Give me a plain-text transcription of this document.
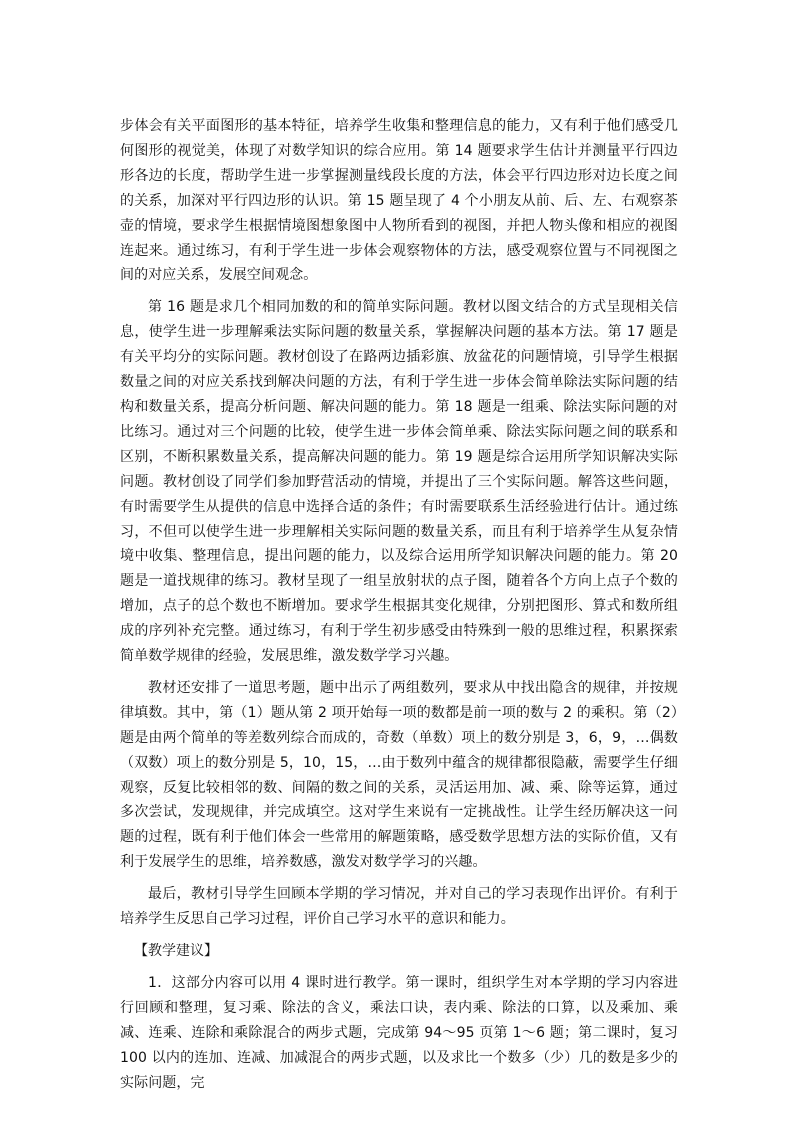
步体会有关平面图形的基本特征，培养学生收集和整理信息的能力，又有利于他们感受几何图形的视觉美，体现了对数学知识的综合应用。第 14 题要求学生估计并测量平行四边形各边的长度，帮助学生进一步掌握测量线段长度的方法，体会平行四边形对边长度之间的关系，加深对平行四边形的认识。第 15 题呈现了 4 个小朋友从前、后、左、右观察茶壶的情境，要求学生根据情境图想象图中人物所看到的视图，并把人物头像和相应的视图连起来。通过练习，有利于学生进一步体会观察物体的方法，感受观察位置与不同视图之间的对应关系，发展空间观念。

第 16 题是求几个相同加数的和的简单实际问题。教材以图文结合的方式呈现相关信息，使学生进一步理解乘法实际问题的数量关系，掌握解决问题的基本方法。第 17 题是有关平均分的实际问题。教材创设了在路两边插彩旗、放盆花的问题情境，引导学生根据数量之间的对应关系找到解决问题的方法，有利于学生进一步体会简单除法实际问题的结构和数量关系，提高分析问题、解决问题的能力。第 18 题是一组乘、除法实际问题的对比练习。通过对三个问题的比较，使学生进一步体会简单乘、除法实际问题之间的联系和区别，不断积累数量关系，提高解决问题的能力。第 19 题是综合运用所学知识解决实际问题。教材创设了同学们参加野营活动的情境，并提出了三个实际问题。解答这些问题，有时需要学生从提供的信息中选择合适的条件；有时需要联系生活经验进行估计。通过练习，不但可以使学生进一步理解相关实际问题的数量关系，而且有利于培养学生从复杂情境中收集、整理信息，提出问题的能力，以及综合运用所学知识解决问题的能力。第 20 题是一道找规律的练习。教材呈现了一组呈放射状的点子图，随着各个方向上点子个数的增加，点子的总个数也不断增加。要求学生根据其变化规律，分别把图形、算式和数所组成的序列补充完整。通过练习，有利于学生初步感受由特殊到一般的思维过程，积累探索简单数学规律的经验，发展思维，激发数学学习兴趣。

教材还安排了一道思考题，题中出示了两组数列，要求从中找出隐含的规律，并按规律填数。其中，第（1）题从第 2 项开始每一项的数都是前一项的数与 2 的乘积。第（2）题是由两个简单的等差数列综合而成的，奇数（单数）项上的数分别是 3，6，9，…偶数（双数）项上的数分别是 5，10，15，…由于数列中蕴含的规律都很隐蔽，需要学生仔细观察，反复比较相邻的数、间隔的数之间的关系，灵活运用加、减、乘、除等运算，通过多次尝试，发现规律，并完成填空。这对学生来说有一定挑战性。让学生经历解决这一问题的过程，既有利于他们体会一些常用的解题策略，感受数学思想方法的实际价值，又有利于发展学生的思维，培养数感，激发对数学学习的兴趣。

最后，教材引导学生回顾本学期的学习情况，并对自己的学习表现作出评价。有利于培养学生反思自己学习过程，评价自己学习水平的意识和能力。

【教学建议】

1．这部分内容可以用 4 课时进行教学。第一课时，组织学生对本学期的学习内容进行回顾和整理，复习乘、除法的含义，乘法口诀，表内乘、除法的口算，以及乘加、乘减、连乘、连除和乘除混合的两步式题，完成第 94～95 页第 1～6 题；第二课时，复习 100 以内的连加、连减、加减混合的两步式题，以及求比一个数多（少）几的数是多少的实际问题，完
